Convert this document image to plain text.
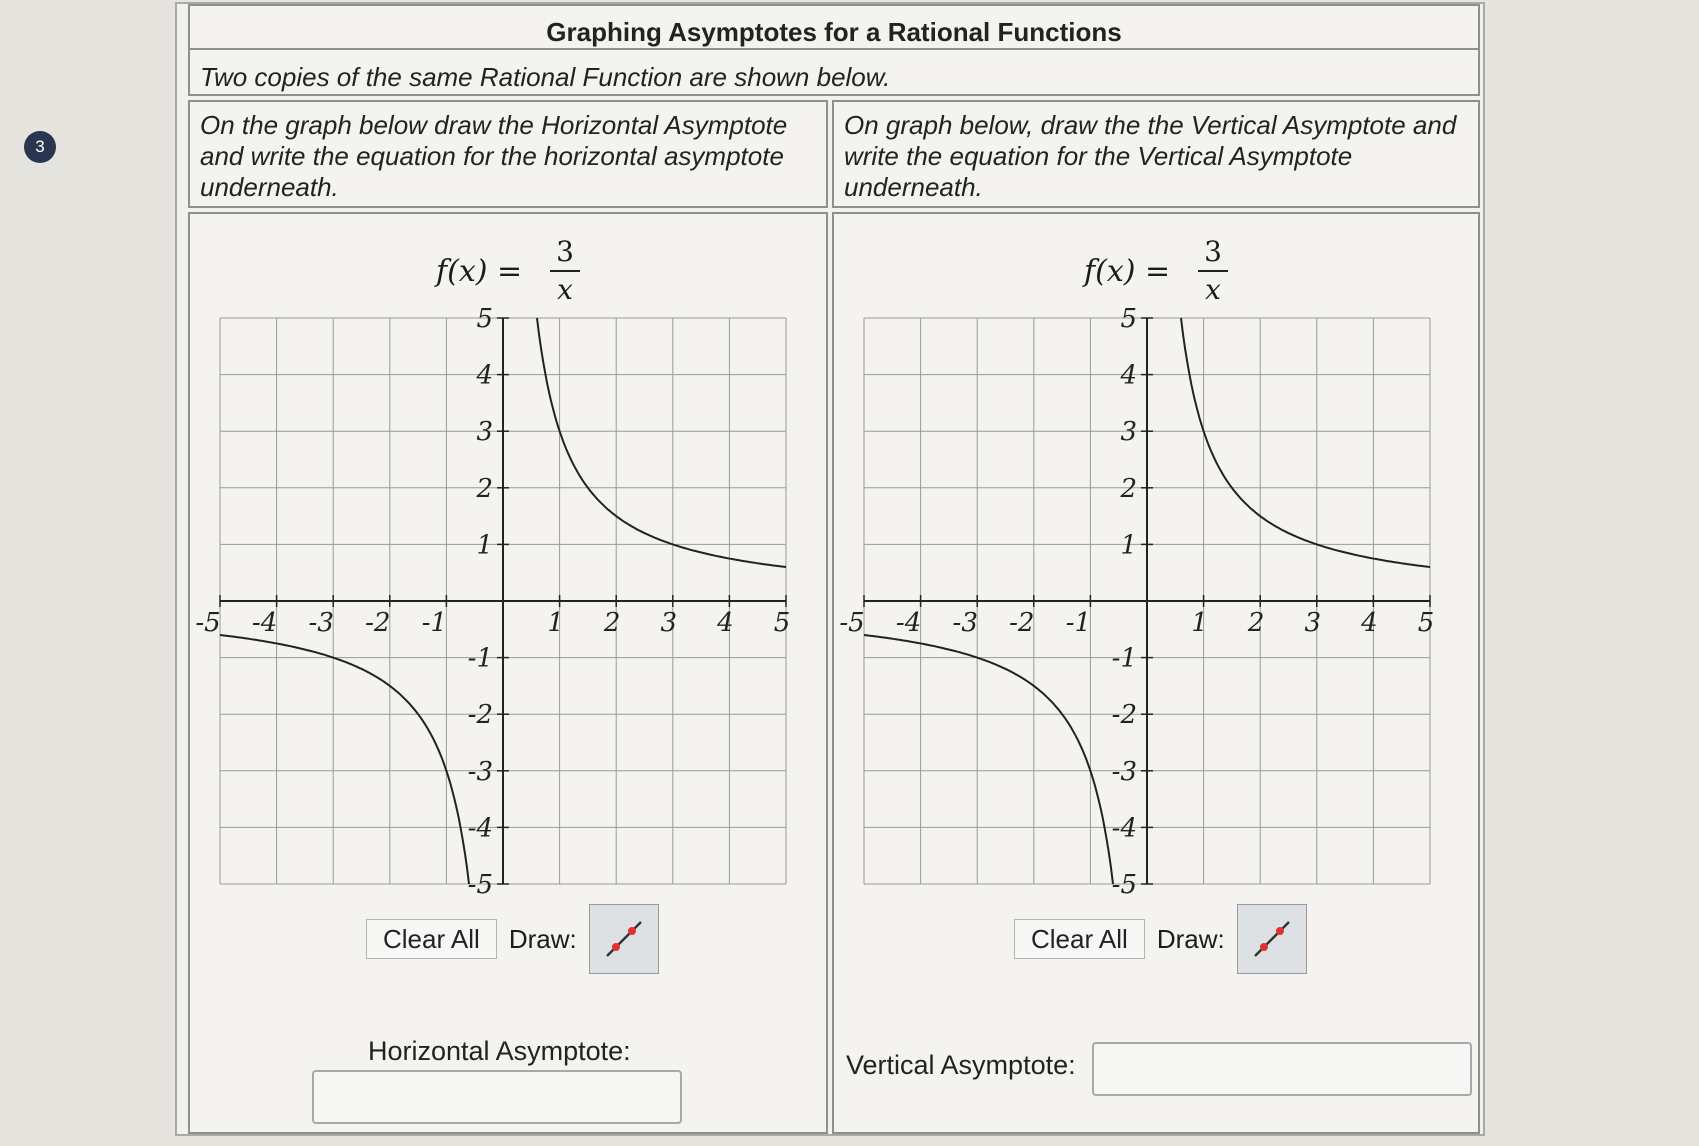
3
Graphing Asymptotes for a Rational Functions
Two copies of the same Rational Function are shown below.
On the graph below draw the Horizontal Asymptote and write the equation for the horizontal asymptote underneath.
On graph below, draw the the Vertical Asymptote and write the equation for the Vertical Asymptote underneath.
$f(x) = \frac{3}{x}$
-5 -4 -3 -2 -1	1 2 3 4 5
5
4
3
2
1
-1
-2
-3
-4
-5
Clear All	Draw:
Horizontal Asymptote:
$f(x) = \frac{3}{x}$
-5 -4 -3 -2 -1	1 2 3 4 5
5
4
3
2
1
-1
-2
-3
-4
-5
Clear All	Draw:
Vertical Asymptote:
